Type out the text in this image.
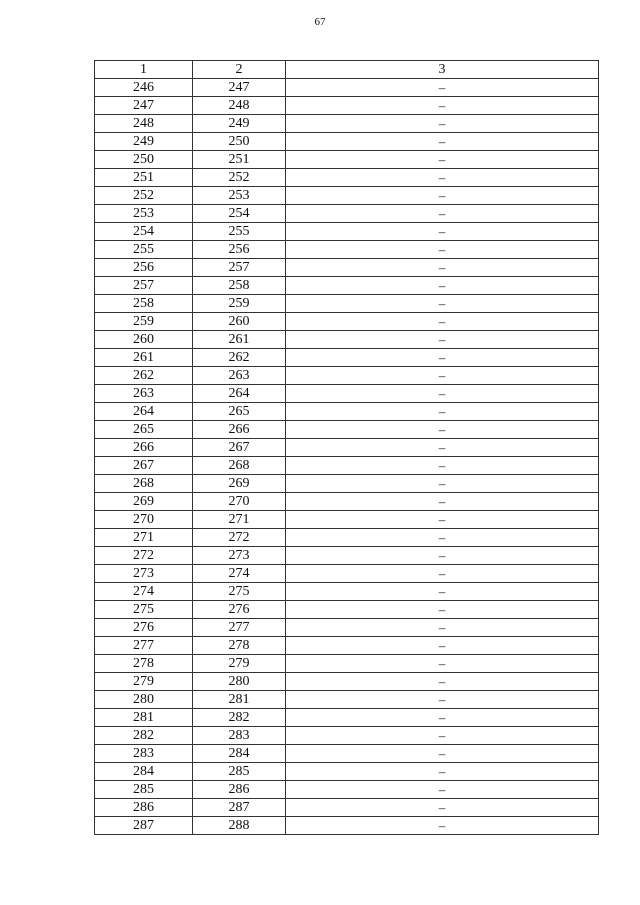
67
1	2	3
246	247	–
247	248	–
248	249	–
249	250	–
250	251	–
251	252	–
252	253	–
253	254	–
254	255	–
255	256	–
256	257	–
257	258	–
258	259	–
259	260	–
260	261	–
261	262	–
262	263	–
263	264	–
264	265	–
265	266	–
266	267	–
267	268	–
268	269	–
269	270	–
270	271	–
271	272	–
272	273	–
273	274	–
274	275	–
275	276	–
276	277	–
277	278	–
278	279	–
279	280	–
280	281	–
281	282	–
282	283	–
283	284	–
284	285	–
285	286	–
286	287	–
287	288	–
